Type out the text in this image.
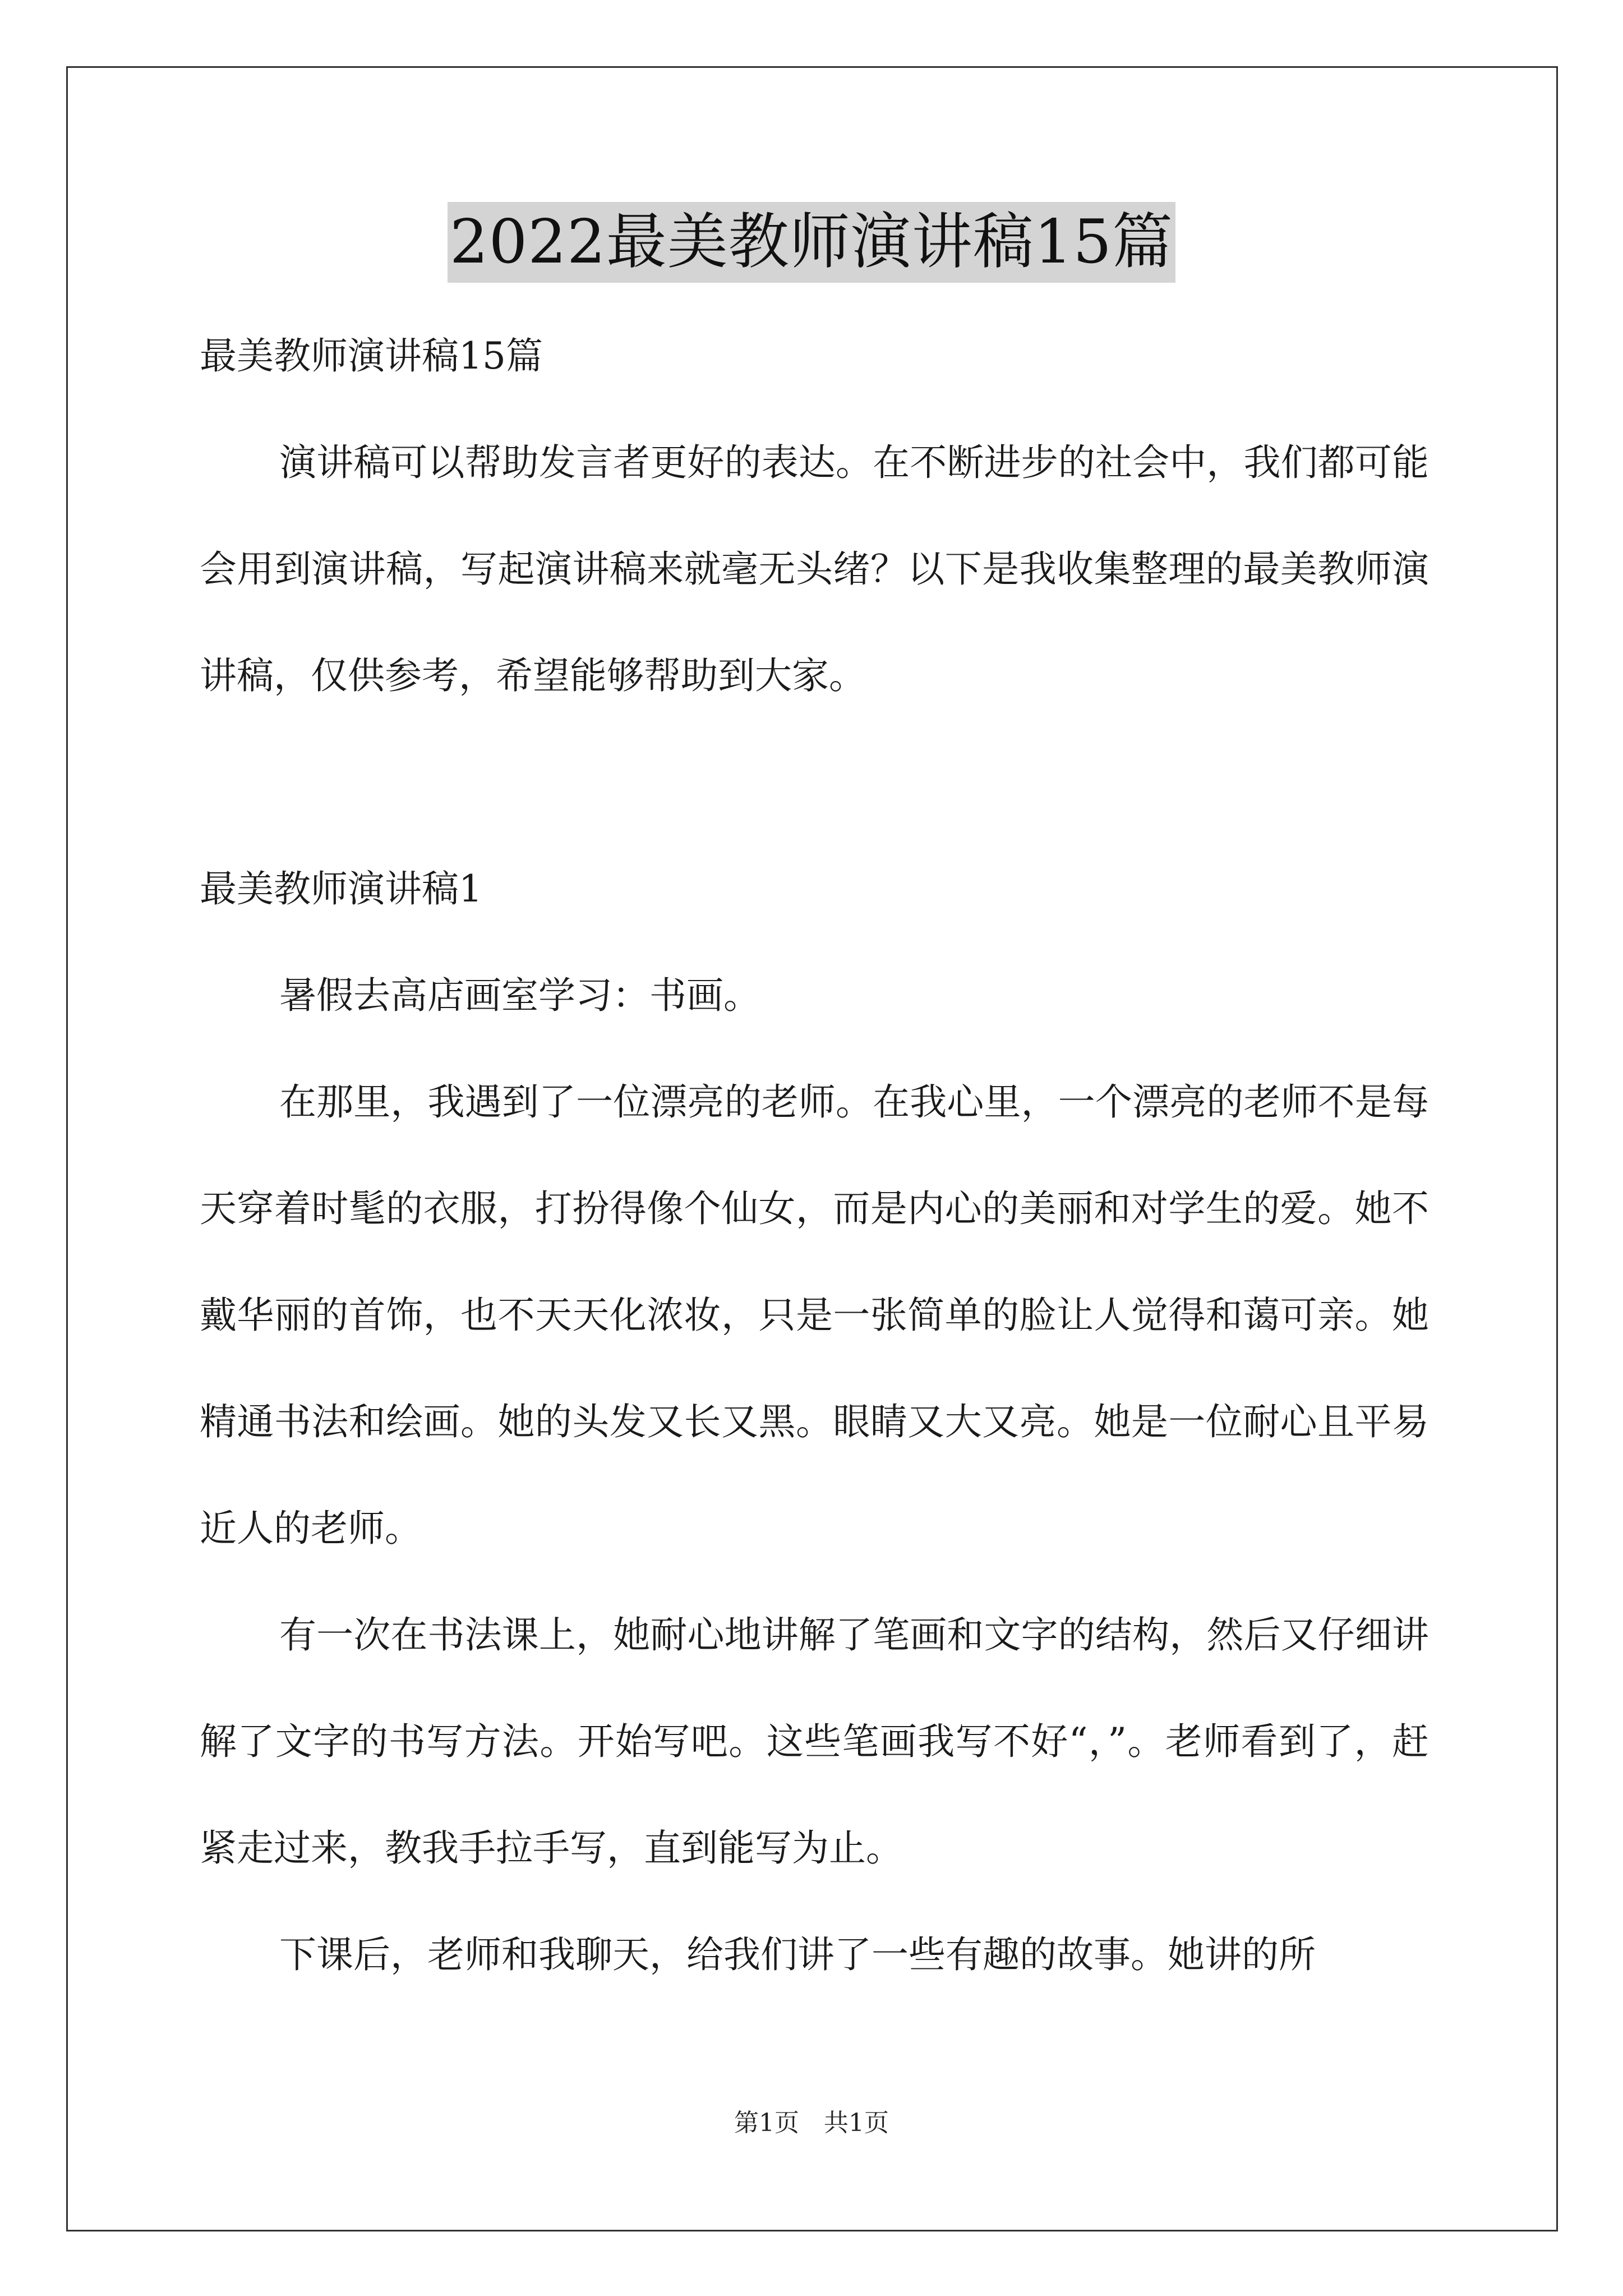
2022最美教师演讲稿15篇

最美教师演讲稿15篇

演讲稿可以帮助发言者更好的表达。在不断进步的社会中，我们都可能会用到演讲稿，写起演讲稿来就毫无头绪？以下是我收集整理的最美教师演讲稿，仅供参考，希望能够帮助到大家。

最美教师演讲稿1

暑假去高店画室学习：书画。

在那里，我遇到了一位漂亮的老师。在我心里，一个漂亮的老师不是每天穿着时髦的衣服，打扮得像个仙女，而是内心的美丽和对学生的爱。她不戴华丽的首饰，也不天天化浓妆，只是一张简单的脸让人觉得和蔼可亲。她精通书法和绘画。她的头发又长又黑。眼睛又大又亮。她是一位耐心且平易近人的老师。

有一次在书法课上，她耐心地讲解了笔画和文字的结构，然后又仔细讲解了文字的书写方法。开始写吧。这些笔画我写不好“，”。老师看到了，赶紧走过来，教我手拉手写，直到能写为止。

下课后，老师和我聊天，给我们讲了一些有趣的故事。她讲的所

第1页　共1页
